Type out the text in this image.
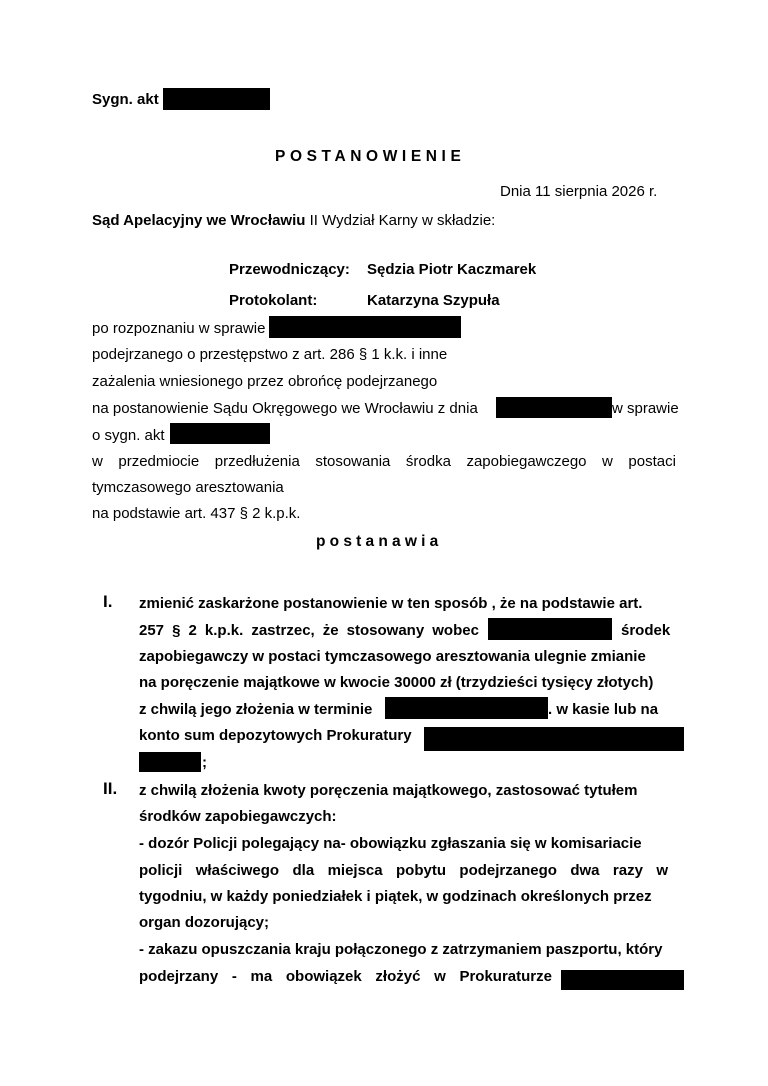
Sygn. akt
POSTANOWIENIE
Dnia 11 sierpnia 2026 r.
Sąd Apelacyjny we Wrocławiu II Wydział Karny w składzie:
Przewodniczący: Sędzia Piotr Kaczmarek
Protokolant:	Katarzyna Szypuła
po rozpoznaniu w sprawie
podejrzanego o przestępstwo z art. 286 § 1 k.k. i inne
zażalenia wniesionego przez obrońcę podejrzanego
na postanowienie Sądu Okręgowego we Wrocławiu z dnia	w sprawie
o sygn. akt
w przedmiocie przedłużenia stosowania środka zapobiegawczego w postaci
tymczasowego aresztowania
na podstawie art. 437 § 2 k.p.k.
postanawia
I. zmienić zaskarżone postanowienie w ten sposób , że na podstawie art.
257 § 2 k.p.k. zastrzec, że stosowany wobec	środek
zapobiegawczy w postaci tymczasowego aresztowania ulegnie zmianie
na poręczenie majątkowe w kwocie 30000 zł (trzydzieści tysięcy złotych)
z chwilą jego złożenia w terminie	. w kasie lub na
konto sum depozytowych Prokuratury
;
II. z chwilą złożenia kwoty poręczenia majątkowego, zastosować tytułem
środków zapobiegawczych:
- dozór Policji polegający na- obowiązku zgłaszania się w komisariacie
policji właściwego dla miejsca pobytu podejrzanego dwa razy w
tygodniu, w każdy poniedziałek i piątek, w godzinach określonych przez
organ dozorujący;
- zakazu opuszczania kraju połączonego z zatrzymaniem paszportu, który
podejrzany - ma obowiązek złożyć w Prokuraturze
